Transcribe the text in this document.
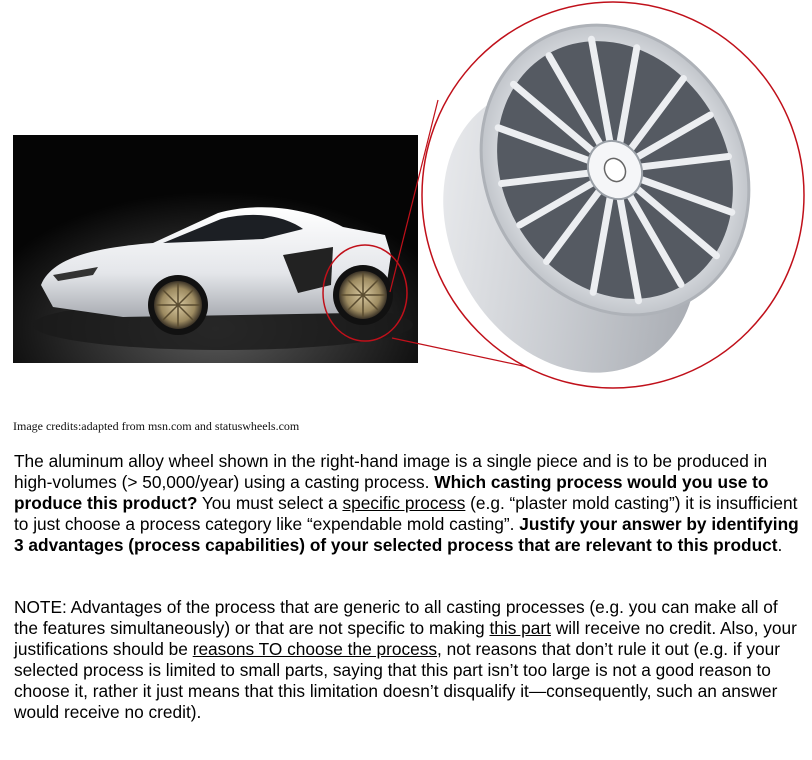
Image credits:adapted from msn.com and statuswheels.com

The aluminum alloy wheel shown in the right-hand image is a single piece and is to be produced in high-volumes (> 50,000/year) using a casting process. Which casting process would you use to produce this product? You must select a specific process (e.g. “plaster mold casting”) it is insufficient to just choose a process category like “expendable mold casting”. Justify your answer by identifying 3 advantages (process capabilities) of your selected process that are relevant to this product.

NOTE: Advantages of the process that are generic to all casting processes (e.g. you can make all of the features simultaneously) or that are not specific to making this part will receive no credit. Also, your justifications should be reasons TO choose the process, not reasons that don’t rule it out (e.g. if your selected process is limited to small parts, saying that this part isn’t too large is not a good reason to choose it, rather it just means that this limitation doesn’t disqualify it—consequently, such an answer would receive no credit).
